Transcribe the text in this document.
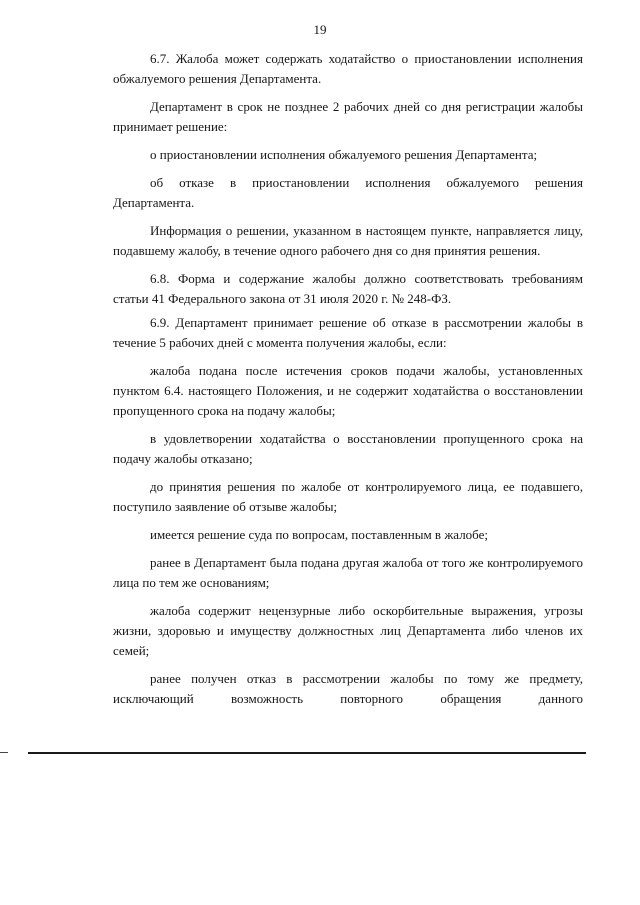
19

6.7. Жалоба может содержать ходатайство о приостановлении исполнения обжалуемого решения Департамента.

Департамент в срок не позднее 2 рабочих дней со дня регистрации жалобы принимает решение:

о приостановлении исполнения обжалуемого решения Департамента;

об отказе в приостановлении исполнения обжалуемого решения Департамента.

Информация о решении, указанном в настоящем пункте, направляется лицу, подавшему жалобу, в течение одного рабочего дня со дня принятия решения.

6.8. Форма и содержание жалобы должно соответствовать требованиям статьи 41 Федерального закона от 31 июля 2020 г. № 248-ФЗ.

6.9. Департамент принимает решение об отказе в рассмотрении жалобы в течение 5 рабочих дней с момента получения жалобы, если:

жалоба подана после истечения сроков подачи жалобы, установленных пунктом 6.4. настоящего Положения, и не содержит ходатайства о восстановлении пропущенного срока на подачу жалобы;

в удовлетворении ходатайства о восстановлении пропущенного срока на подачу жалобы отказано;

до принятия решения по жалобе от контролируемого лица, ее подавшего, поступило заявление об отзыве жалобы;

имеется решение суда по вопросам, поставленным в жалобе;

ранее в Департамент была подана другая жалоба от того же контролируемого лица по тем же основаниям;

жалоба содержит нецензурные либо оскорбительные выражения, угрозы жизни, здоровью и имуществу должностных лиц Департамента либо членов их семей;

ранее получен отказ в рассмотрении жалобы по тому же предмету, исключающий возможность повторного обращения данного
